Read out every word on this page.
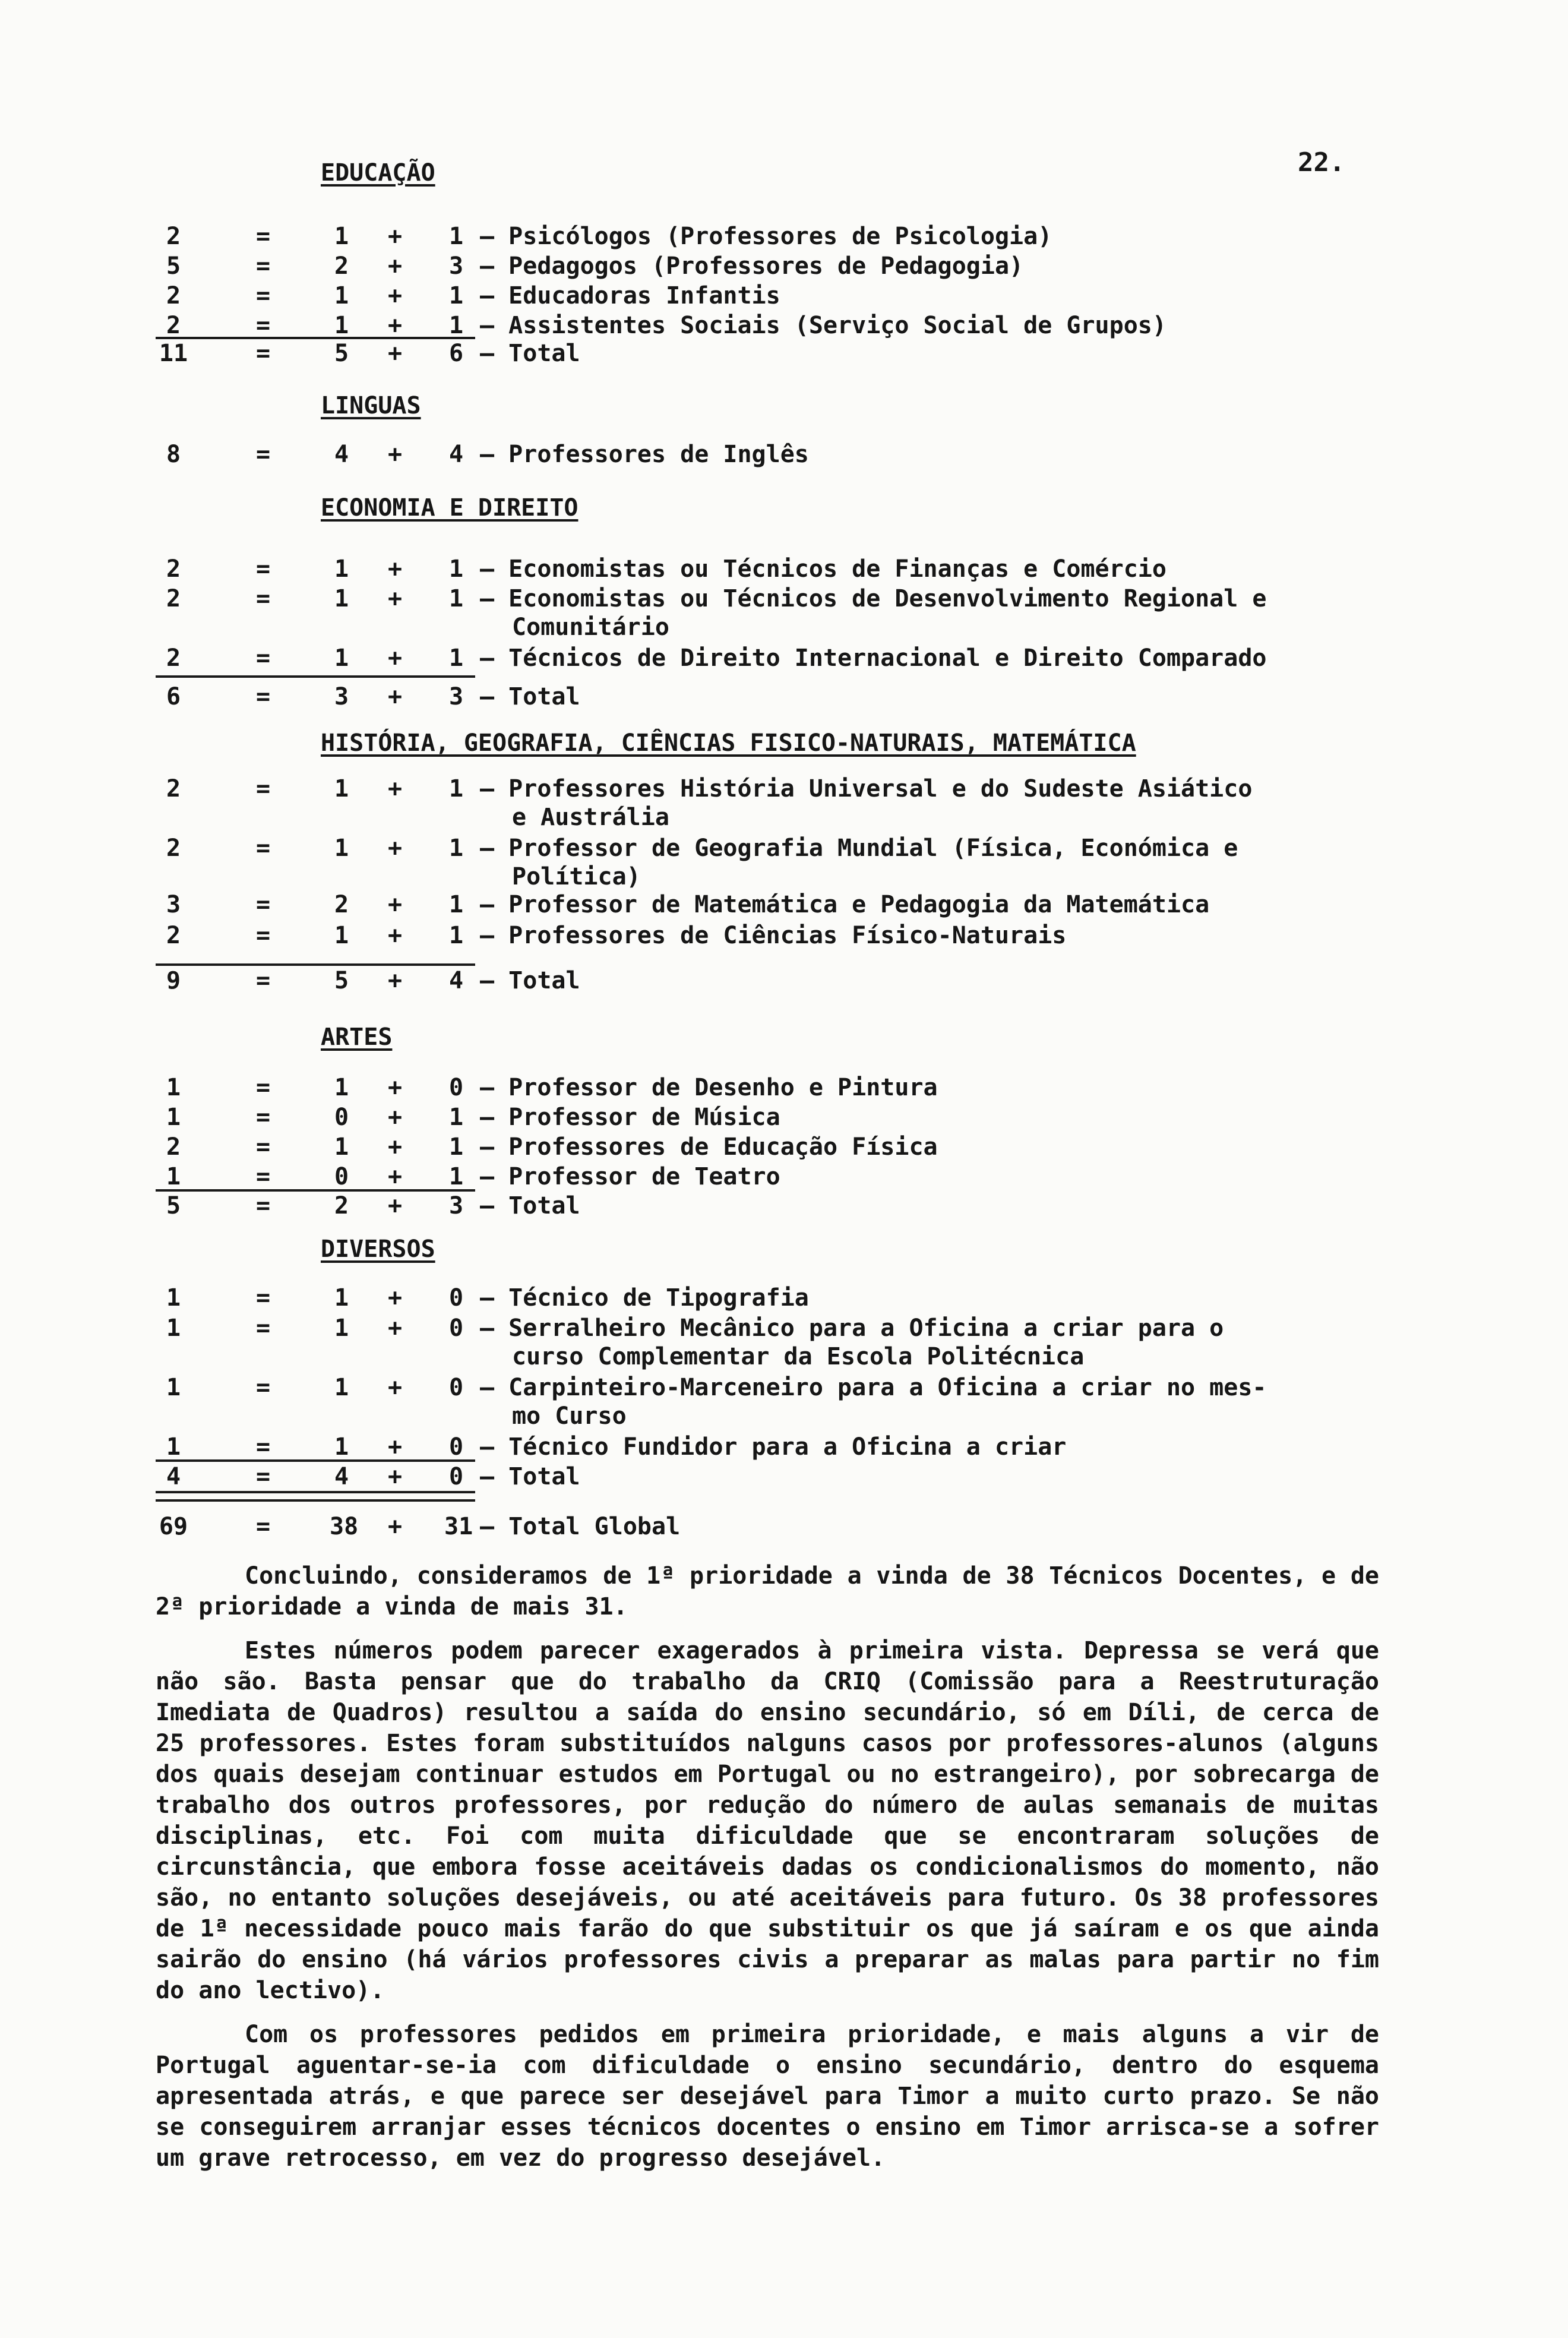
22.
EDUCAÇÃO
2	=	1 + 1 – Psicólogos (Professores de Psicologia)
5	=	2 + 3 – Pedagogos (Professores de Pedagogia)
2	=	1 + 1 – Educadoras Infantis
2	=	1 + 1 – Assistentes Sociais (Serviço Social de Grupos)
11	=	5 + 6 – Total
LINGUAS
8	=	4 + 4 – Professores de Inglês
ECONOMIA E DIREITO
2	=	1 + 1 – Economistas ou Técnicos de Finanças e Comércio
2	=	1 + 1 – Economistas ou Técnicos de Desenvolvimento Regional e
Comunitário
2	=	1 + 1 – Técnicos de Direito Internacional e Direito Comparado
6	=	3 + 3 – Total
HISTÓRIA, GEOGRAFIA, CIÊNCIAS FISICO-NATURAIS, MATEMÁTICA
2	=	1 + 1 – Professores História Universal e do Sudeste Asiático
e Austrália
2	=	1 + 1 – Professor de Geografia Mundial (Física, Económica e
Política)
3	=	2 + 1 – Professor de Matemática e Pedagogia da Matemática
2	=	1 + 1 – Professores de Ciências Físico-Naturais
9	=	5 + 4 – Total
ARTES
1	=	1 + 0 – Professor de Desenho e Pintura
1	=	0 + 1 – Professor de Música
2	=	1 + 1 – Professores de Educação Física
1	=	0 + 1 – Professor de Teatro
5	=	2 + 3 – Total
DIVERSOS
1	=	1 + 0 – Técnico de Tipografia
1	=	1 + 0 – Serralheiro Mecânico para a Oficina a criar para o
curso Complementar da Escola Politécnica
1	=	1 + 0 – Carpinteiro-Marceneiro para a Oficina a criar no mes-
mo Curso
1	=	1 + 0 – Técnico Fundidor para a Oficina a criar
4	=	4 + 0 – Total
69	= 38 + 31 – Total Global

Concluindo, consideramos de 1ª prioridade a vinda de 38 Técnicos Docentes, e de 2ª prioridade a vinda de mais 31.

Estes números podem parecer exagerados à primeira vista. Depressa se verá que não são. Basta pensar que do trabalho da CRIQ (Comissão para a Reestruturação Imediata de Quadros) resultou a saída do ensino secundário, só em Díli, de cerca de 25 professores. Estes foram substituídos nalguns casos por professores-alunos (alguns dos quais desejam continuar estudos em Portugal ou no estrangeiro), por sobrecarga de trabalho dos outros professores, por redução do número de aulas semanais de muitas disciplinas, etc. Foi com muita dificuldade que se encontraram soluções de circunstância, que embora fosse aceitáveis dadas os condicionalismos do momento, não são, no entanto soluções desejáveis, ou até aceitáveis para futuro. Os 38 professores de 1ª necessidade pouco mais farão do que substituir os que já saíram e os que ainda sairão do ensino (há vários professores civis a preparar as malas para partir no fim do ano lectivo).

Com os professores pedidos em primeira prioridade, e mais alguns a vir de Portugal aguentar-se-ia com dificuldade o ensino secundário, dentro do esquema apresentada atrás, e que parece ser desejável para Timor a muito curto prazo. Se não se conseguirem arranjar esses técnicos docentes o ensino em Timor arrisca-se a sofrer um grave retrocesso, em vez do progresso desejável.
